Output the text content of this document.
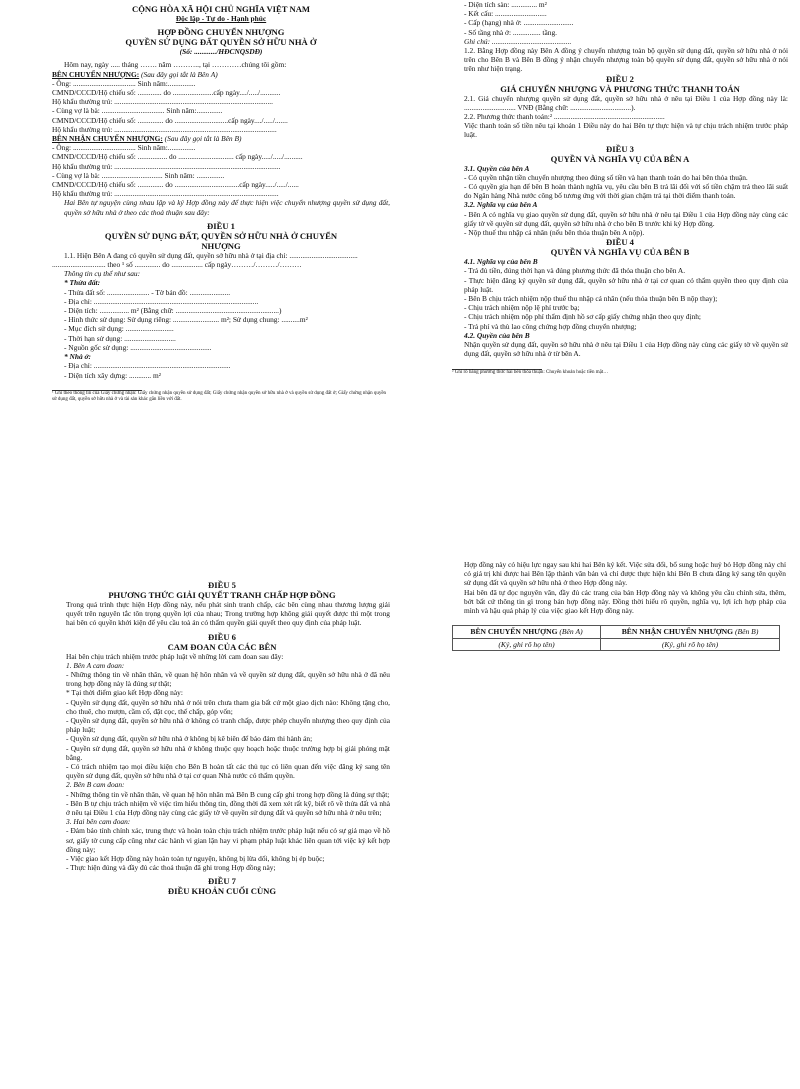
CỘNG HÒA XÃ HỘI CHỦ NGHĨA VIỆT NAM
Độc lập - Tự do - Hạnh phúc
HỢP ĐỒNG CHUYỂN NHƯỢNG
QUYỀN SỬ DỤNG ĐẤT QUYỀN SỞ HỮU NHÀ Ở
(Số: ............/HĐCNQSDĐ)
Hôm nay, ngày ..... tháng ……. năm ……….., tại …………chúng tôi gồm:
BÊN CHUYỂN NHƯỢNG: (Sau đây gọi tắt là Bên A)
- Ông: .................................. Sinh năm:...............
CMND/CCCD/Hộ chiếu số: ............. do ......................cấp ngày..../...../...........
Hộ khẩu thường trú: ......................................................................................
- Cùng vợ là bà: .................................. Sinh năm:..............
CMND/CCCD/Hộ chiếu số: .............. do .............................cấp ngày..../...../.......
Hộ khẩu thường trú: ........................................................................................
BÊN NHẬN CHUYỂN NHƯỢNG: (Sau đây gọi tắt là Bên B)
- Ông: .................................. Sinh năm:...............
CMND/CCCD/Hộ chiếu số: ................ do .............................. cấp ngày...../...../..........
Hộ khẩu thường trú: ..........................................................................................
- Cùng vợ là bà: ................................. Sinh năm: ...............
CMND/CCCD/Hộ chiếu số: .............. do ...................................cấp ngày...../...../......
Hộ khẩu thường trú: .........................................................................................
Hai Bên tự nguyện cùng nhau lập và ký Hợp đồng này để thực hiện việc chuyển nhượng quyền sử dụng đất, quyền sở hữu nhà ở theo các thoả thuận sau đây:
ĐIỀU 1
QUYỀN SỬ DỤNG ĐẤT, QUYỀN SỞ HỮU NHÀ Ở CHUYỂN NHƯỢNG
1.1. Hiện Bên A đang có quyền sử dụng đất, quyền sở hữu nhà ở tại địa chỉ: .....................................
............................. theo ¹ số .............. do ................. cấp ngày………/………/………
Thông tin cụ thể như sau:
* Thửa đất:
- Thửa đất số: ....................... - Tờ bản đồ: ......................
- Địa chỉ: .........................................................................................
- Diện tích: ................ m² (Bằng chữ: ........................................................)
- Hình thức sử dụng: Sử dụng riêng: ......................... m²; Sử dụng chung: ..........m²
- Mục đích sử dụng: ..........................
- Thời hạn sử dụng: ............................
- Nguồn gốc sử dụng: ............................................
* Nhà ở:
- Địa chỉ: ..........................................................................
- Diện tích xây dựng: ............ m²
¹ Ghi theo thông tin của Giấy chứng nhận: Giấy chứng nhận quyền sử dụng đất; Giấy chứng nhận quyền sở hữu nhà ở và quyền sử dụng đất ở; Giấy chứng nhận quyền sử dụng đất, quyền sở hữu nhà ở và tài sản khác gắn liền với đất.
- Diện tích sàn: .............. m²
- Kết cấu: ............................
- Cấp (hạng) nhà ở: ...........................
- Số tầng nhà ở: ............... tầng.
Ghi chú: ...........................................
1.2. Bằng Hợp đồng này Bên A đồng ý chuyển nhượng toàn bộ quyền sử dụng đất, quyền sở hữu nhà ở nói trên cho Bên B và Bên B đồng ý nhận chuyển nhượng toàn bộ quyền sử dụng đất, quyền sở hữu nhà ở nói trên như hiện trạng.
ĐIỀU 2
GIÁ CHUYỂN NHƯỢNG VÀ PHƯƠNG THỨC THANH TOÁN
2.1. Giá chuyển nhượng quyền sử dụng đất, quyền sở hữu nhà ở nêu tại Điều 1 của Hợp đồng này là: ............................ VNĐ (Bằng chữ: .................................).
2.2. Phương thức thanh toán:² ............................................................
Việc thanh toán số tiền nêu tại khoản 1 Điều này do hai Bên tự thực hiện và tự chịu trách nhiệm trước pháp luật.
ĐIỀU 3
QUYỀN VÀ NGHĨA VỤ CỦA BÊN A
3.1. Quyền của bên A
- Có quyền nhận tiền chuyển nhượng theo đúng số tiền và hạn thanh toán do hai bên thỏa thuận.
- Có quyền gia hạn để bên B hoàn thành nghĩa vụ, yêu cầu bên B trả lãi đối với số tiền chậm trả theo lãi suất do Ngân hàng Nhà nước công bố tương ứng với thời gian chậm trả tại thời điểm thanh toán.
3.2. Nghĩa vụ của bên A
- Bên A có nghĩa vụ giao quyền sử dụng đất, quyền sở hữu nhà ở nêu tại Điều 1 của Hợp đồng này cùng các giấy tờ về quyền sử dụng đất, quyền sở hữu nhà ở cho bên B trước khi ký Hợp đồng.
- Nộp thuế thu nhập cá nhân (nếu bên thỏa thuận bên A nộp).
ĐIỀU 4
QUYỀN VÀ NGHĨA VỤ CỦA BÊN B
4.1. Nghĩa vụ của bên B
- Trả đủ tiền, đúng thời hạn và đúng phương thức đã thỏa thuận cho bên A.
- Thực hiện đăng ký quyền sử dụng đất, quyền sở hữu nhà ở tại cơ quan có thẩm quyền theo quy định của pháp luật.
- Bên B chịu trách nhiệm nộp thuế thu nhập cá nhân (nếu thỏa thuận bên B nộp thay);
- Chịu trách nhiệm nộp lệ phí trước bạ;
- Chịu trách nhiệm nộp phí thẩm định hồ sơ cấp giấy chứng nhận theo quy định;
- Trả phí và thù lao công chứng hợp đồng chuyển nhượng;
4.2. Quyền của bên B
Nhận quyền sử dụng đất, quyền sở hữu nhà ở nêu tại Điều 1 của Hợp đồng này cùng các giấy tờ về quyền sử dụng đất, quyền sở hữu nhà ở từ bên A.
² Ghi rõ bằng phương thức hai bên thỏa thuận: Chuyển khoản hoặc tiền mặt…
ĐIỀU 5
PHƯƠNG THỨC GIẢI QUYẾT TRANH CHẤP HỢP ĐỒNG
Trong quá trình thực hiện Hợp đồng này, nếu phát sinh tranh chấp, các bên cùng nhau thương lượng giải quyết trên nguyên tắc tôn trọng quyền lợi của nhau; Trong trường hợp không giải quyết được thì một trong hai bên có quyền khởi kiện để yêu cầu toà án có thẩm quyền giải quyết theo quy định của pháp luật.
ĐIỀU 6
CAM ĐOAN CỦA CÁC BÊN
Hai bên chịu trách nhiệm trước pháp luật về những lời cam đoan sau đây:
1. Bên A cam đoan:
- Những thông tin về nhân thân, về quan hệ hôn nhân và về quyền sử dụng đất, quyền sở hữu nhà ở đã nêu trong hợp đồng này là đúng sự thật;
* Tại thời điểm giao kết Hợp đồng này:
- Quyền sử dụng đất, quyền sở hữu nhà ở nói trên chưa tham gia bất cứ một giao dịch nào: Không tặng cho, cho thuê, cho mượn, cầm cố, đặt cọc, thế chấp, góp vốn;
- Quyền sử dụng đất, quyền sở hữu nhà ở không có tranh chấp, được phép chuyển nhượng theo quy định của pháp luật;
- Quyền sử dụng đất, quyền sở hữu nhà ở không bị kê biên để bảo đảm thi hành án;
- Quyền sử dụng đất, quyền sở hữu nhà ở không thuộc quy hoạch hoặc thuộc trường hợp bị giải phóng mặt bằng.
- Có trách nhiệm tạo mọi điều kiện cho Bên B hoàn tất các thủ tục có liên quan đến việc đăng ký sang tên quyền sử dụng đất, quyền sở hữu nhà ở tại cơ quan Nhà nước có thẩm quyền.
2. Bên B cam đoan:
- Những thông tin về nhân thân, về quan hệ hôn nhân mà Bên B cung cấp ghi trong hợp đồng là đúng sự thật;
- Bên B tự chịu trách nhiệm về việc tìm hiểu thông tin, đồng thời đã xem xét rất kỹ, biết rõ về thửa đất và nhà ở nêu tại Điều 1 của Hợp đồng này cùng các giấy tờ về quyền sử dụng đất và quyền sở hữu nhà ở nêu trên;
3. Hai bên cam đoan:
- Đảm bảo tính chính xác, trung thực và hoàn toàn chịu trách nhiệm trước pháp luật nếu có sự giả mạo về hồ sơ, giấy tờ cung cấp cũng như các hành vi gian lận hay vi phạm pháp luật khác liên quan tới việc ký kết hợp đồng này;
- Việc giao kết Hợp đồng này hoàn toàn tự nguyện, không bị lừa dối, không bị ép buộc;
- Thực hiện đúng và đầy đủ các thoả thuận đã ghi trong Hợp đồng này;
ĐIỀU 7
ĐIỀU KHOẢN CUỐI CÙNG
Hợp đồng này có hiệu lực ngay sau khi hai Bên ký kết. Việc sửa đổi, bổ sung hoặc huỷ bỏ Hợp đồng này chỉ có giá trị khi được hai Bên lập thành văn bản và chỉ được thực hiện khi Bên B chưa đăng ký sang tên quyền sử dụng đất và quyền sở hữu nhà ở theo Hợp đồng này.
Hai bên đã tự đọc nguyên văn, đầy đủ các trang của bản Hợp đồng này và không yêu cầu chỉnh sửa, thêm, bớt bất cứ thông tin gì trong bản hợp đồng này. Đồng thời hiểu rõ quyền, nghĩa vụ, lợi ích hợp pháp của mình và hậu quả pháp lý của việc giao kết Hợp đồng này.
BÊN CHUYỂN NHƯỢNG (Bên A)	BÊN NHẬN CHUYỂN NHƯỢNG (Bên B)
(Ký, ghi rõ họ tên)	(Ký, ghi rõ họ tên)
